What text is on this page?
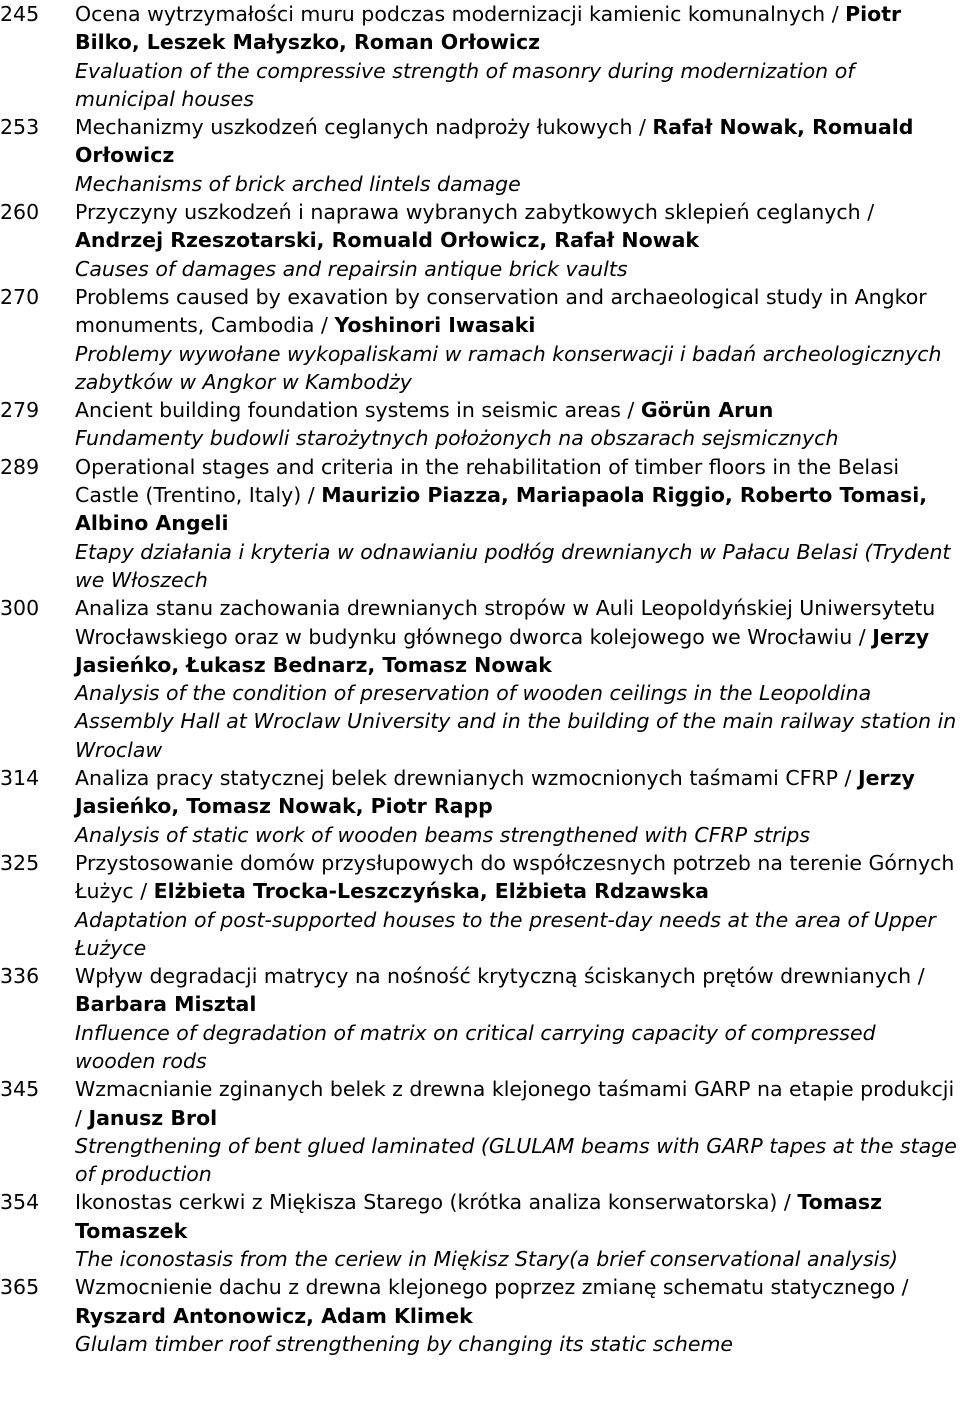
245	Ocena wytrzymałości muru podczas modernizacji kamienic komunalnych / Piotr Bilko, Leszek Małyszko, Roman Orłowicz

Evaluation of the compressive strength of masonry during modernization of municipal houses

253	Mechanizmy uszkodzeń ceglanych nadproży łukowych / Rafał Nowak, Romuald Orłowicz

Mechanisms of brick arched lintels damage

260	Przyczyny uszkodzeń i naprawa wybranych zabytkowych sklepień ceglanych / Andrzej Rzeszotarski, Romuald Orłowicz, Rafał Nowak

Causes of damages and repairsin antique brick vaults

270	Problems caused by exavation by conservation and archaeological study in Angkor monuments, Cambodia / Yoshinori Iwasaki

Problemy wywołane wykopaliskami w ramach konserwacji i badań archeologicznych zabytków w Angkor w Kambodży

279	Ancient building foundation systems in seismic areas / Görün Arun

Fundamenty budowli starożytnych położonych na obszarach sejsmicznych

289	Operational stages and criteria in the rehabilitation of timber floors in the Belasi Castle (Trentino, Italy) / Maurizio Piazza, Mariapaola Riggio, Roberto Tomasi, Albino Angeli

Etapy działania i kryteria w odnawianiu podłóg drewnianych w Pałacu Belasi (Trydent we Włoszech

300	Analiza stanu zachowania drewnianych stropów w Auli Leopoldyńskiej Uniwersytetu Wrocławskiego oraz w budynku głównego dworca kolejowego we Wrocławiu / Jerzy Jasieńko, Łukasz Bednarz, Tomasz Nowak

Analysis of the condition of preservation of wooden ceilings in the Leopoldina Assembly Hall at Wroclaw University and in the building of the main railway station in Wroclaw

314	Analiza pracy statycznej belek drewnianych wzmocnionych taśmami CFRP / Jerzy Jasieńko, Tomasz Nowak, Piotr Rapp

Analysis of static work of wooden beams strengthened with CFRP strips

325	Przystosowanie domów przysłupowych do współczesnych potrzeb na terenie Górnych Łużyc / Elżbieta Trocka-Leszczyńska, Elżbieta Rdzawska

Adaptation of post-supported houses to the present-day needs at the area of Upper Łużyce

336	Wpływ degradacji matrycy na nośność krytyczną ściskanych prętów drewnianych / Barbara Misztal

Influence of degradation of matrix on critical carrying capacity of compressed wooden rods

345	Wzmacnianie zginanych belek z drewna klejonego taśmami GARP na etapie produkcji / Janusz Brol

Strengthening of bent glued laminated (GLULAM beams with GARP tapes at the stage of production

354	Ikonostas cerkwi z Miękisza Starego (krótka analiza konserwatorska) / Tomasz Tomaszek

The iconostasis from the ceriew in Miękisz Stary(a brief conservational analysis)

365	Wzmocnienie dachu z drewna klejonego poprzez zmianę schematu statycznego / Ryszard Antonowicz, Adam Klimek

Glulam timber roof strengthening by changing its static scheme
